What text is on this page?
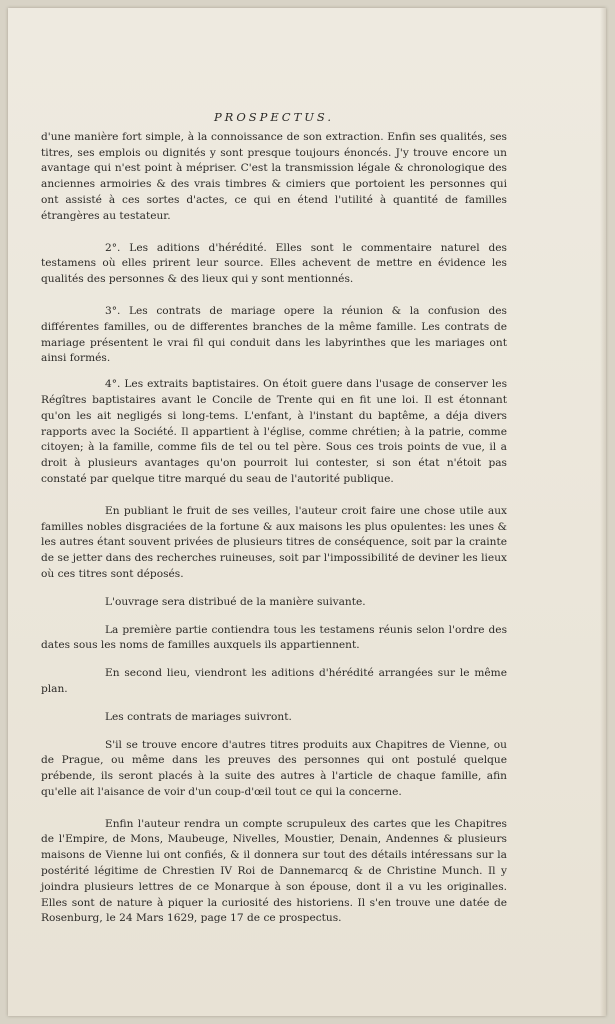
PROSPECTUS.

d'une manière fort simple, à la connoissance de son extraction. Enfin ses qualités, ses titres, ses emplois ou dignités y sont presque toujours énoncés. J'y trouve encore un avantage qui n'est point à mépriser. C'est la transmission légale & chronologique des anciennes armoiries & des vrais timbres & cimiers que portoient les personnes qui ont assisté à ces sortes d'actes, ce qui en étend l'utilité à quantité de familles étrangères au testateur.

2°. Les aditions d'hérédité. Elles sont le commentaire naturel des testamens où elles prirent leur source. Elles achevent de mettre en évidence les qualités des personnes & des lieux qui y sont mentionnés.

3°. Les contrats de mariage opere la réunion & la confusion des différentes familles, ou de differentes branches de la même famille. Les contrats de mariage présentent le vrai fil qui conduit dans les labyrinthes que les mariages ont ainsi formés.

4°. Les extraits baptistaires. On étoit guere dans l'usage de conserver les Régîtres baptistaires avant le Concile de Trente qui en fit une loi. Il est étonnant qu'on les ait negligés si long-tems. L'enfant, à l'instant du baptême, a déja divers rapports avec la Société. Il appartient à l'église, comme chrétien; à la patrie, comme citoyen; à la famille, comme fils de tel ou tel père. Sous ces trois points de vue, il a droit à plusieurs avantages qu'on pourroit lui contester, si son état n'étoit pas constaté par quelque titre marqué du seau de l'autorité publique.

En publiant le fruit de ses veilles, l'auteur croit faire une chose utile aux familles nobles disgraciées de la fortune & aux maisons les plus opulentes: les unes & les autres étant souvent privées de plusieurs titres de conséquence, soit par la crainte de se jetter dans des recherches ruineuses, soit par l'impossibilité de deviner les lieux où ces titres sont déposés.

L'ouvrage sera distribué de la manière suivante.

La première partie contiendra tous les testamens réunis selon l'ordre des dates sous les noms de familles auxquels ils appartiennent.

En second lieu, viendront les aditions d'hérédité arrangées sur le même plan.

Les contrats de mariages suivront.

S'il se trouve encore d'autres titres produits aux Chapitres de Vienne, ou de Prague, ou même dans les preuves des personnes qui ont postulé quelque prébende, ils seront placés à la suite des autres à l'article de chaque famille, afin qu'elle ait l'aisance de voir d'un coup-d'œil tout ce qui la concerne.

Enfin l'auteur rendra un compte scrupuleux des cartes que les Chapitres de l'Empire, de Mons, Maubeuge, Nivelles, Moustier, Denain, Andennes & plusieurs maisons de Vienne lui ont confiés, & il donnera sur tout des détails intéressans sur la postérité légitime de Chrestien IV Roi de Dannemarcq & de Christine Munch. Il y joindra plusieurs lettres de ce Monarque à son épouse, dont il a vu les originalles. Elles sont de nature à piquer la curiosité des historiens. Il s'en trouve une datée de Rosenburg, le 24 Mars 1629, page 17 de ce prospectus.
